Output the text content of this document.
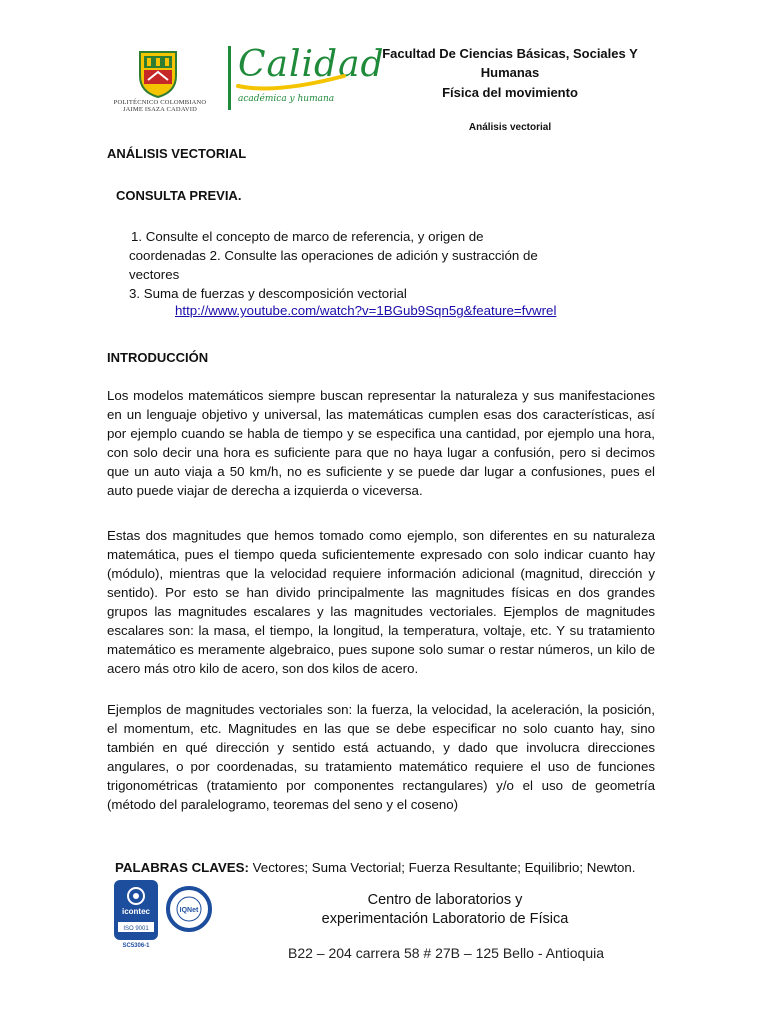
POLITÉCNICO COLOMBIANO
JAIME ISAZA CADAVID
Calidad
académica y humana
Facultad De Ciencias Básicas, Sociales Y Humanas
Física del movimiento
Análisis vectorial
ANÁLISIS VECTORIAL
CONSULTA PREVIA.
1. Consulte el concepto de marco de referencia, y origen de
coordenadas 2. Consulte las operaciones de adición y sustracción de
vectores
3. Suma de fuerzas y descomposición vectorial
http://www.youtube.com/watch?v=1BGub9Sqn5g&feature=fvwrel
INTRODUCCIÓN
Los modelos matemáticos siempre buscan representar la naturaleza y sus manifestaciones en un lenguaje objetivo y universal, las matemáticas cumplen esas dos características, así por ejemplo cuando se habla de tiempo y se especifica una cantidad, por ejemplo una hora, con solo decir una hora es suficiente para que no haya lugar a confusión, pero si decimos que un auto viaja a 50 km/h, no es suficiente y se puede dar lugar a confusiones, pues el auto puede viajar de derecha a izquierda o viceversa.
Estas dos magnitudes que hemos tomado como ejemplo, son diferentes en su naturaleza matemática, pues el tiempo queda suficientemente expresado con solo indicar cuanto hay (módulo), mientras que la velocidad requiere información adicional (magnitud, dirección y sentido). Por esto se han divido principalmente las magnitudes físicas en dos grandes grupos las magnitudes escalares y las magnitudes vectoriales. Ejemplos de magnitudes escalares son: la masa, el tiempo, la longitud, la temperatura, voltaje, etc. Y su tratamiento matemático es meramente algebraico, pues supone solo sumar o restar números, un kilo de acero más otro kilo de acero, son dos kilos de acero.
Ejemplos de magnitudes vectoriales son: la fuerza, la velocidad, la aceleración, la posición, el momentum, etc. Magnitudes en las que se debe especificar no solo cuanto hay, sino también en qué dirección y sentido está actuando, y dado que involucra direcciones angulares, o por coordenadas, su tratamiento matemático requiere el uso de funciones trigonométricas (tratamiento por componentes rectangulares) y/o el uso de geometría (método del paralelogramo, teoremas del seno y el coseno)
PALABRAS CLAVES: Vectores; Suma Vectorial; Fuerza Resultante; Equilibrio; Newton.
icontec
ISO 9001
SC5306-1
IQNet
Centro de laboratorios y
experimentación Laboratorio de Física
B22 – 204 carrera 58 # 27B – 125 Bello - Antioquia
